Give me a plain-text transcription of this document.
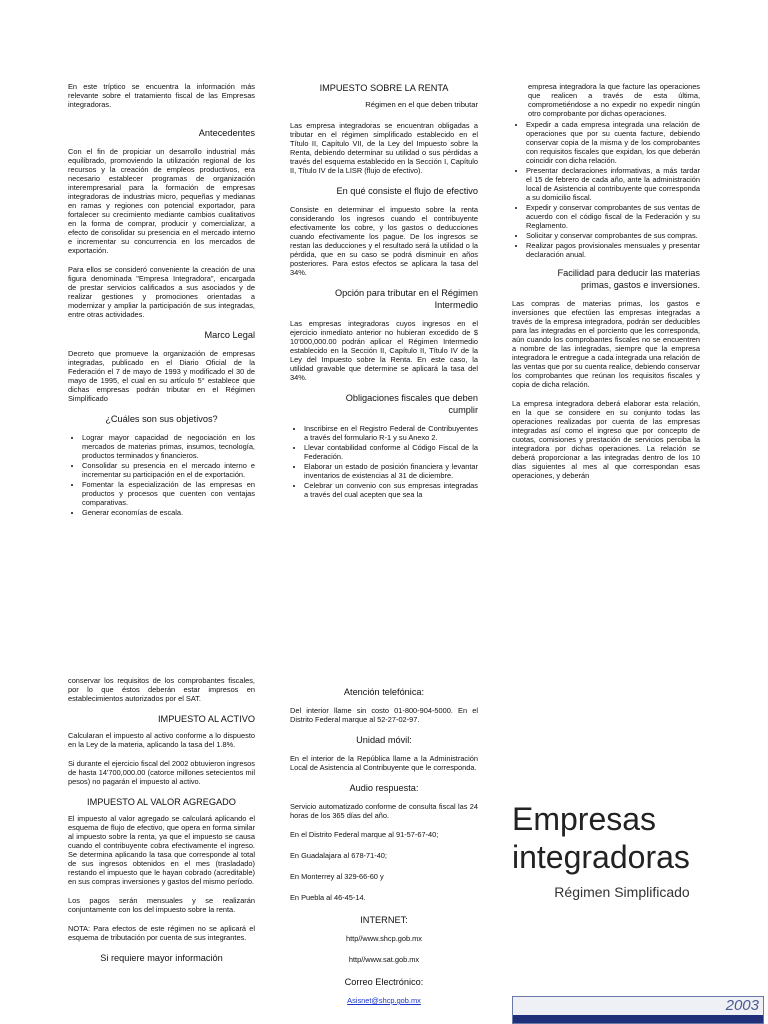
En este tríptico se encuentra la información más relevante sobre el tratamiento fiscal de las Empresas integradoras.

Antecedentes

Con el fin de propiciar un desarrollo industrial más equilibrado, promoviendo la utilización regional de los recursos y la creación de empleos productivos, era necesario establecer programas de organización interempresarial para la formación de empresas integradoras de industrias micro, pequeñas y medianas en ramas y regiones con potencial exportador, para fortalecer su crecimiento mediante cambios cualitativos en la forma de comprar, producir y comercializar, a efecto de consolidar su presencia en el mercado interno e incrementar su concurrencia en los mercados de exportación.

Para ellos se consideró conveniente la creación de una figura denominada "Empresa Integradora", encargada de prestar servicios calificados a sus asociados y de realizar gestiones y promociones orientadas a modernizar y ampliar la participación de sus integradas, entre otras actividades.

Marco Legal

Decreto que promueve la organización de empresas integradas, publicado en el Diario Oficial de la Federación el 7 de mayo de 1993 y modificado el 30 de mayo de 1995, el cual en su artículo 5° establece que dichas empresas podrán tributar en el Régimen Simplificado

¿Cuáles son sus objetivos?
• Lograr mayor capacidad de negociación en los mercados de materias primas, insumos, tecnología, productos terminados y financieros.
• Consolidar su presencia en el mercado interno e incrementar su participación en el de exportación.
• Fomentar la especialización de las empresas en productos y procesos que cuenten con ventajas comparativas.
• Generar economías de escala.
IMPUESTO SOBRE LA RENTA
Régimen en el que deben tributar

Las empresa integradoras se encuentran obligadas a tributar en el régimen simplificado establecido en el Título II, Capítulo VII, de la Ley del Impuesto sobre la Renta, debiendo determinar su utilidad o sus pérdidas a través del esquema establecido en la Sección I, Capítulo II, Título IV de la LISR (flujo de efectivo).

En qué consiste el flujo de efectivo

Consiste en determinar el impuesto sobre la renta considerando los ingresos cuando el contribuyente efectivamente los cobre, y los gastos o deducciones cuando efectivamente los pague. De los ingresos se restan las deducciones y el resultado será la utilidad o la pérdida, que en su caso se podrá disminuir en años posteriores. Para estos efectos se aplicara la tasa del 34%.

Opción para tributar en el Régimen Intermedio

Las empresas integradoras cuyos ingresos en el ejercicio inmediato anterior no hubieran excedido de $ 10'000,000.00 podrán aplicar el Régimen Intermedio establecido en la Sección II, Capítulo II, Título IV de la Ley del Impuesto sobre la Renta. En este caso, la utilidad gravable que determine se aplicará la tasa del 34%.

Obligaciones fiscales que deben cumplir
• Inscribirse en el Registro Federal de Contribuyentes a través del formulario R-1 y su Anexo 2.
• Llevar contabilidad conforme al Código Fiscal de la Federación.
• Elaborar un estado de posición financiera y levantar inventarios de existencias al 31 de diciembre.
• Celebrar un convenio con sus empresas integradas a través del cual acepten que sea la

empresa integradora la que facture las operaciones que realicen a través de esta última, comprometiéndose a no expedir no expedir ningún otro comprobante por dichas operaciones.

• Expedir a cada empresa integrada una relación de operaciones que por su cuenta facture, debiendo conservar copia de la misma y de los comprobantes con requisitos fiscales que expidan, los que deberán coincidir con dicha relación.
• Presentar declaraciones informativas, a más tardar el 15 de febrero de cada año, ante la administración local de Asistencia al contribuyente que corresponda a su domicilio fiscal.
• Expedir y conservar comprobantes de sus ventas de acuerdo con el código fiscal de la Federación y su Reglamento.
• Solicitar y conservar comprobantes de sus compras.
• Realizar pagos provisionales mensuales y presentar declaración anual.
Facilidad para deducir las materias primas, gastos e inversiones.

Las compras de materias primas, los gastos e inversiones que efectúen las empresas integradas a través de la empresa integradora, podrán ser deducibles para las integradas en el porciento que les corresponda, aún cuando los comprobantes fiscales no se encuentren a nombre de las integradas, siempre que la empresa integradora le entregue a cada integrada una relación de las ventas que por su cuenta realice, debiendo conservar los comprobantes que reúnan los requisitos fiscales y copia de dicha relación.

La empresa integradora deberá elaborar esta relación, en la que se considere en su conjunto todas las operaciones realizadas por cuenta de las empresas integradas así como el ingreso que por concepto de cuotas, comisiones y prestación de servicios perciba la integradora por dichas operaciones. La relación se deberá proporcionar a las integradas dentro de los 10 días siguientes al mes al que correspondan esas operaciones, y deberán

conservar los requisitos de los comprobantes fiscales, por lo que éstos deberán estar impresos en establecimientos autorizados por el SAT.

IMPUESTO AL ACTIVO

Calcularan el impuesto al activo conforme a lo dispuesto en la Ley de la materia, aplicando la tasa del 1.8%.

Si durante el ejercicio fiscal del 2002 obtuvieron ingresos de hasta 14'700,000.00 (catorce millones setecientos mil pesos) no pagarán el impuesto al activo.

IMPUESTO AL VALOR AGREGADO

El impuesto al valor agregado se calculará aplicando el esquema de flujo de efectivo, que opera en forma similar al impuesto sobre la renta, ya que el impuesto se causa cuando el contribuyente cobra efectivamente el ingreso. Se determina aplicando la tasa que corresponde al total de sus ingresos obtenidos en el mes (trasladado) restando el impuesto que le hayan cobrado (acreditable) en sus compras inversiones y gastos del mismo período.

Los pagos serán mensuales y se realizarán conjuntamente con los del impuesto sobre la renta.

NOTA: Para efectos de este régimen no se aplicará el esquema de tributación por cuenta de sus integrantes.

Si requiere mayor información
Atención telefónica:

Del interior llame sin costo 01-800-904-5000. En el Distrito Federal marque al 52-27-02-97.

Unidad móvil:

En el interior de la República llame a la Administración Local de Asistencia al Contribuyente que le corresponda.

Audio respuesta:

Servicio automatizado conforme de consulta fiscal las 24 horas de los 365 días del año.

En el Distrito Federal marque al 91-57-67-40;

En Guadalajara al 678-71-40;

En Monterrey al 329-66-60 y

En Puebla al 46-45-14.

INTERNET:
http//www.shcp.gob.mx
http//www.sat.gob.mx
Correo Electrónico:
Asisnet@shcp.gob.mx
Empresas
integradoras
Régimen Simplificado
2003
